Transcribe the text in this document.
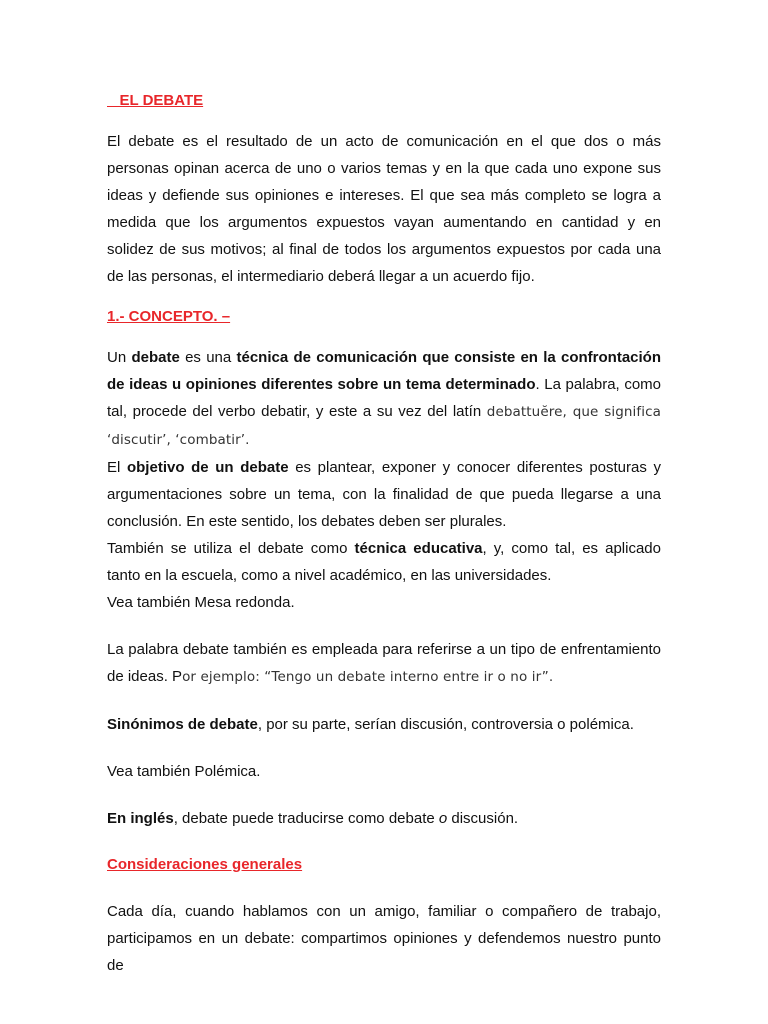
EL DEBATE

El debate es el resultado de un acto de comunicación en el que dos o más personas opinan acerca de uno o varios temas y en la que cada uno expone sus ideas y defiende sus opiniones e intereses. El que sea más completo se logra a medida que los argumentos expuestos vayan aumentando en cantidad y en solidez de sus motivos; al final de todos los argumentos expuestos por cada una de las personas, el intermediario deberá llegar a un acuerdo fijo.

1.- CONCEPTO. –

Un debate es una técnica de comunicación que consiste en la confrontación de ideas u opiniones diferentes sobre un tema determinado. La palabra, como tal, procede del verbo debatir, y este a su vez del latín debattuĕre, que significa ‘discutir’, ‘combatir’.

El objetivo de un debate es plantear, exponer y conocer diferentes posturas y argumentaciones sobre un tema, con la finalidad de que pueda llegarse a una conclusión. En este sentido, los debates deben ser plurales.

También se utiliza el debate como técnica educativa, y, como tal, es aplicado tanto en la escuela, como a nivel académico, en las universidades.

Vea también Mesa redonda.

La palabra debate también es empleada para referirse a un tipo de enfrentamiento de ideas. Por ejemplo: “Tengo un debate interno entre ir o no ir”.

Sinónimos de debate, por su parte, serían discusión, controversia o polémica.

Vea también Polémica.

En inglés, debate puede traducirse como debate o discusión.

Consideraciones generales

Cada día, cuando hablamos con un amigo, familiar o compañero de trabajo, participamos en un debate: compartimos opiniones y defendemos nuestro punto de
